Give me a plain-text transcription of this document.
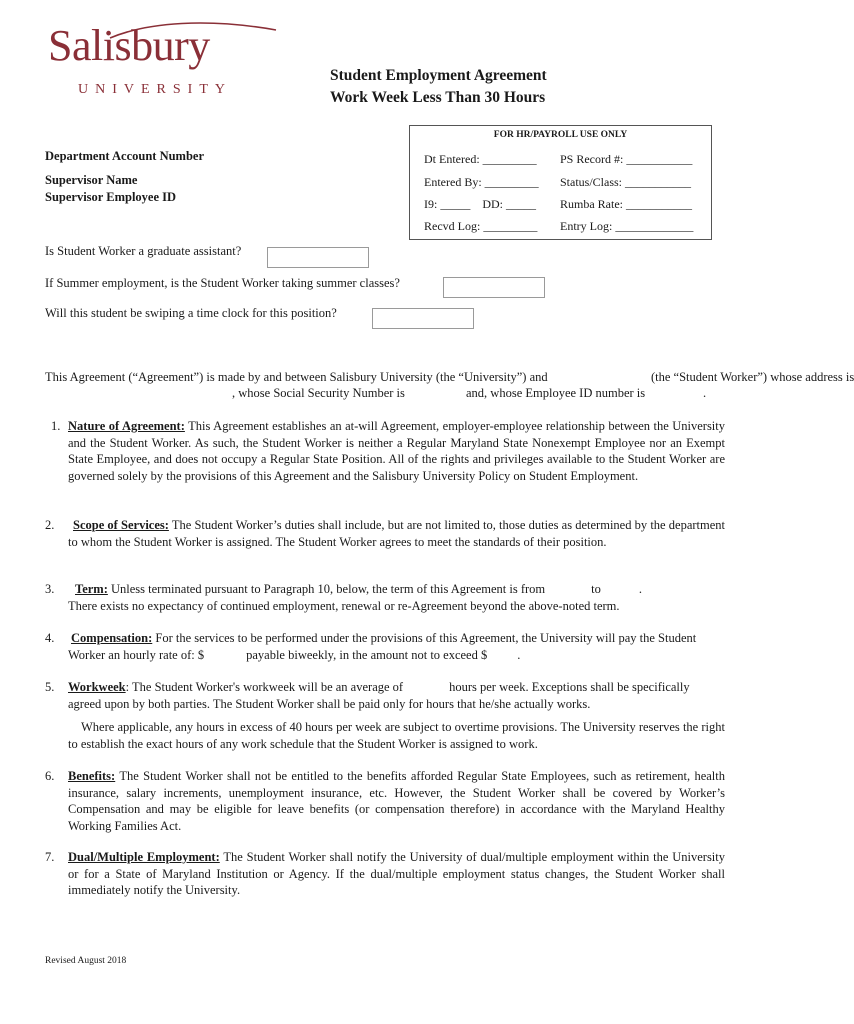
Salisbury
UNIVERSITY
Student Employment Agreement
Work Week Less Than 30 Hours
FOR HR/PAYROLL USE ONLY
Dt Entered: _________ PS Record #: ___________
Entered By: _________ Status/Class: ___________
I9: _____    DD: _____ Rumba Rate: ___________
Recvd Log: _________ Entry Log: _____________
Department Account Number
Supervisor Name
Supervisor Employee ID
Is Student Worker a graduate assistant?
If Summer employment, is the Student Worker taking summer classes?
Will this student be swiping a time clock for this position?
This Agreement (“Agreement”) is made by and between Salisbury University (the “University”) and	(the “Student Worker”) whose address is
, whose Social Security Number is	and, whose Employee ID number is	.
1. Nature of Agreement: This Agreement establishes an at-will Agreement, employer-employee relationship between the University and the Student Worker. As such, the Student Worker is neither a Regular Maryland State Nonexempt Employee nor an Exempt State Employee, and does not occupy a Regular State Position. All of the rights and privileges available to the Student Worker are governed solely by the provisions of this Agreement and the Salisbury University Policy on Student Employment.
2.	Scope of Services: The Student Worker’s duties shall include, but are not limited to, those duties as determined by the department to whom the Student Worker is assigned. The Student Worker agrees to meet the standards of their position.
3.	Term: Unless terminated pursuant to Paragraph 10, below, the term of this Agreement is from	to	.
There exists no expectancy of continued employment, renewal or re-Agreement beyond the above-noted term.
4. Compensation: For the services to be performed under the provisions of this Agreement, the University will pay the Student Worker an hourly rate of: $	payable biweekly, in the amount not to exceed $ .
5. Workweek: The Student Worker's workweek will be an average of	hours per week. Exceptions shall be specifically agreed upon by both parties. The Student Worker shall be paid only for hours that he/she actually works.
Where applicable, any hours in excess of 40 hours per week are subject to overtime provisions. The University reserves the right to establish the exact hours of any work schedule that the Student Worker is assigned to work.
6. Benefits: The Student Worker shall not be entitled to the benefits afforded Regular State Employees, such as retirement, health insurance, salary increments, unemployment insurance, etc. However, the Student Worker shall be covered by Worker’s Compensation and may be eligible for leave benefits (or compensation therefore) in accordance with the Maryland Healthy Working Families Act.
7. Dual/Multiple Employment: The Student Worker shall notify the University of dual/multiple employment within the University or for a State of Maryland Institution or Agency. If the dual/multiple employment status changes, the Student Worker shall immediately notify the University.
Revised August 2018
